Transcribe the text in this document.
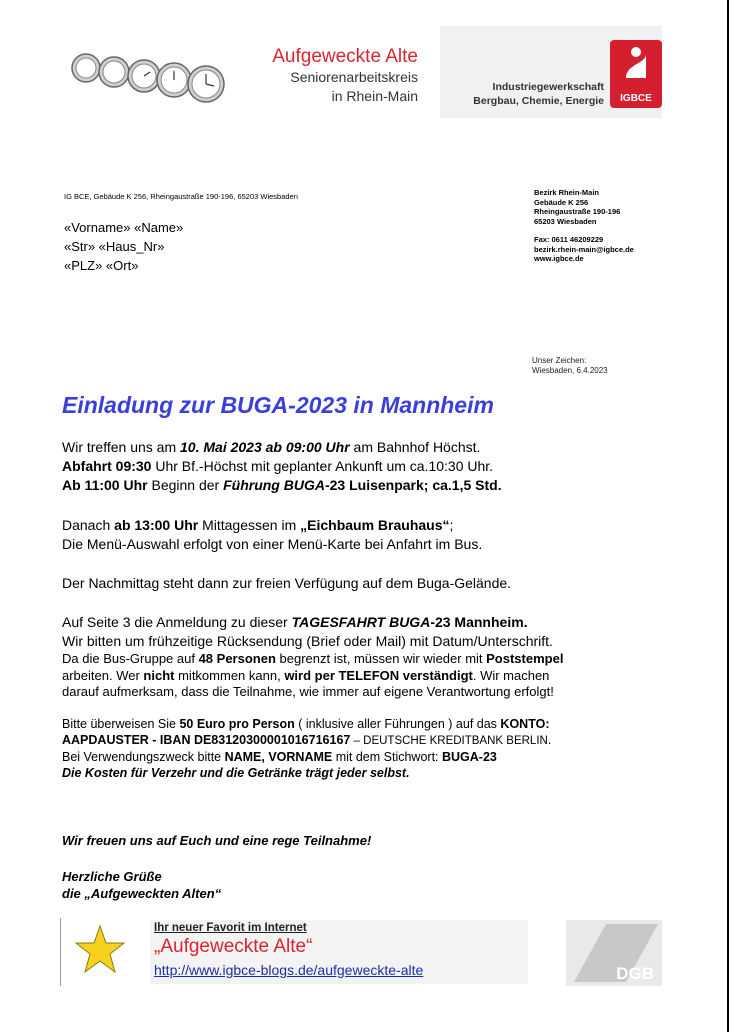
Aufgeweckte Alte
Seniorenarbeitskreis
in Rhein-Main
Industriegewerkschaft
Bergbau, Chemie, Energie	IGBCE
IG BCE, Gebäude K 256, Rheingaustraße 190-196, 65203 Wiesbaden
«Vorname» «Name»
«Str» «Haus_Nr»
«PLZ» «Ort»
Bezirk Rhein-Main
Gebäude K 256
Rheingaustraße 190-196
65203 Wiesbaden
Fax: 0611 46209229
bezirk.rhein-main@igbce.de
www.igbce.de
Unser Zeichen:
Wiesbaden, 6.4.2023
Einladung zur BUGA-2023 in Mannheim
Wir treffen uns am 10. Mai 2023 ab 09:00 Uhr am Bahnhof Höchst.
Abfahrt 09:30 Uhr Bf.-Höchst mit geplanter Ankunft um ca.10:30 Uhr.
Ab 11:00 Uhr Beginn der Führung BUGA-23 Luisenpark; ca.1,5 Std.
Danach ab 13:00 Uhr Mittagessen im „Eichbaum Brauhaus“;
Die Menü-Auswahl erfolgt von einer Menü-Karte bei Anfahrt im Bus.
Der Nachmittag steht dann zur freien Verfügung auf dem Buga-Gelände.
Auf Seite 3 die Anmeldung zu dieser TAGESFAHRT BUGA-23 Mannheim.
Wir bitten um frühzeitige Rücksendung (Brief oder Mail) mit Datum/Unterschrift.
Da die Bus-Gruppe auf 48 Personen begrenzt ist, müssen wir wieder mit Poststempel
arbeiten. Wer nicht mitkommen kann, wird per TELEFON verständigt. Wir machen
darauf aufmerksam, dass die Teilnahme, wie immer auf eigene Verantwortung erfolgt!
Bitte überweisen Sie 50 Euro pro Person ( inklusive aller Führungen ) auf das KONTO:
AAPDAUSTER - IBAN DE83120300001016716167 – DEUTSCHE KREDITBANK BERLIN.
Bei Verwendungszweck bitte NAME, VORNAME mit dem Stichwort: BUGA-23
Die Kosten für Verzehr und die Getränke trägt jeder selbst.
Wir freuen uns auf Euch und eine rege Teilnahme!
Herzliche Grüße
die „Aufgeweckten Alten“
Ihr neuer Favorit im Internet
„Aufgeweckte Alte“
http://www.igbce-blogs.de/aufgeweckte-alte	DGB
